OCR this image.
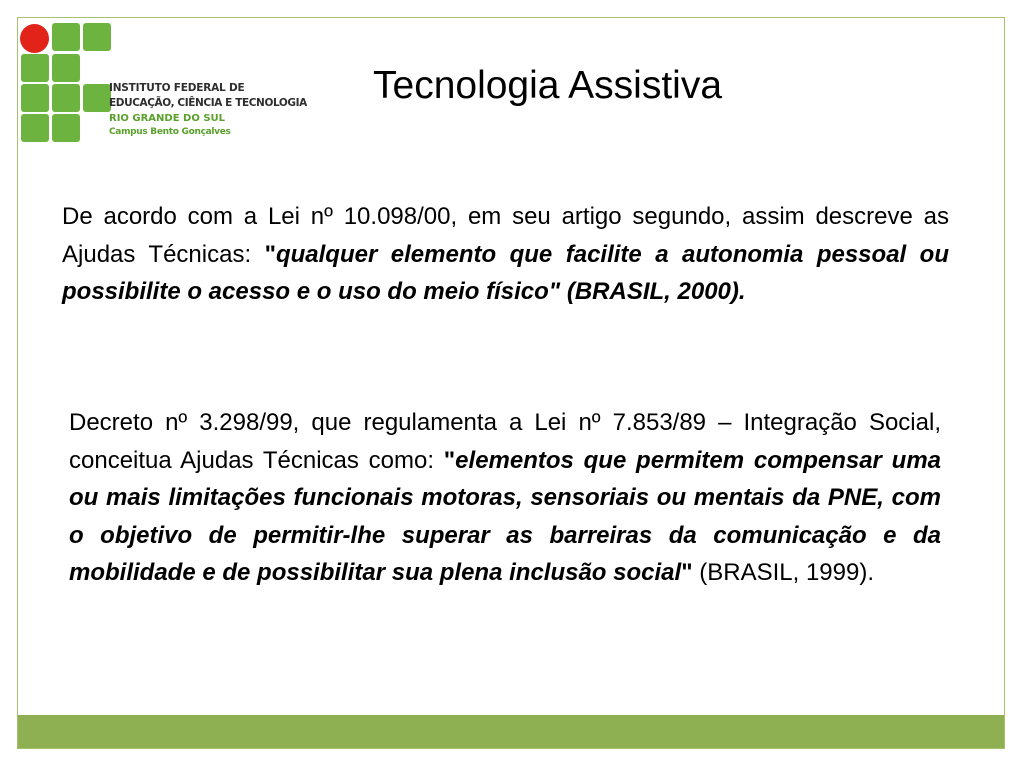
INSTITUTO FEDERAL DE
EDUCAÇÃO, CIÊNCIA E TECNOLOGIA
RIO GRANDE DO SUL
Campus Bento Gonçalves
Tecnologia Assistiva

De acordo com a Lei nº 10.098/00, em seu artigo segundo, assim descreve as Ajudas Técnicas: "qualquer elemento que facilite a autonomia pessoal ou possibilite o acesso e o uso do meio físico" (BRASIL, 2000).

Decreto nº 3.298/99, que regulamenta a Lei nº 7.853/89 – Integração Social, conceitua Ajudas Técnicas como: "elementos que permitem compensar uma ou mais limitações funcionais motoras, sensoriais ou mentais da PNE, com o objetivo de permitir-lhe superar as barreiras da comunicação e da mobilidade e de possibilitar sua plena inclusão social" (BRASIL, 1999).
